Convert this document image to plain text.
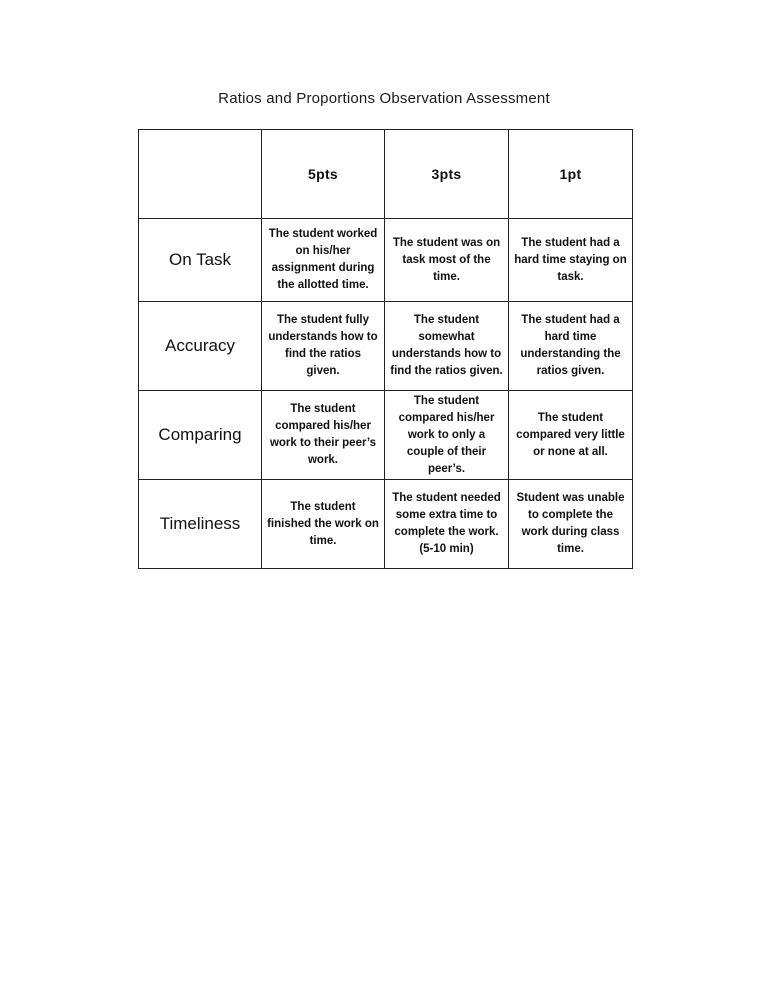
Ratios and Proportions Observation Assessment
	5pts	3pts	1pt
On Task	The student worked on his/her assignment during the allotted time.	The student was on task most of the time.	The student had a hard time staying on task.
Accuracy	The student fully understands how to find the ratios given.	The student somewhat understands how to find the ratios given.	The student had a hard time understanding the ratios given.
Comparing	The student compared his/her work to their peer’s work.	The student compared his/her work to only a couple of their peer’s.	The student compared very little or none at all.
Timeliness	The student finished the work on time.	The student needed some extra time to complete the work. (5-10 min)	Student was unable to complete the work during class time.
